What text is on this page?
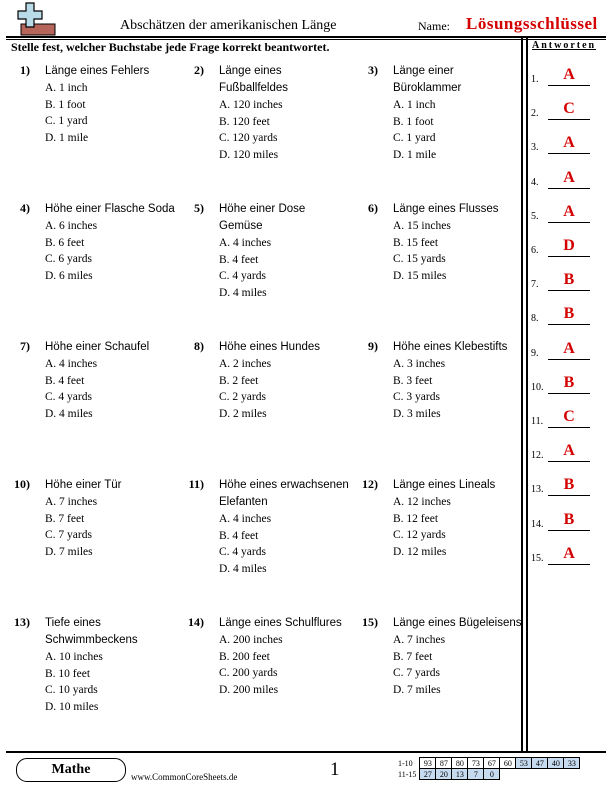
Abschätzen der amerikanischen Länge	Name: Lösungsschlüssel
Stelle fest, welcher Buchstabe jede Frage korrekt beantwortet.	Antworten
1) Länge eines Fehlers
A. 1 inch
B. 1 foot
C. 1 yard
D. 1 mile
2) Länge eines Fußballfeldes
A. 120 inches
B. 120 feet
C. 120 yards
D. 120 miles
3) Länge einer Büroklammer
A. 1 inch
B. 1 foot
C. 1 yard
D. 1 mile
4) Höhe einer Flasche Soda
A. 6 inches
B. 6 feet
C. 6 yards
D. 6 miles
5) Höhe einer Dose Gemüse
A. 4 inches
B. 4 feet
C. 4 yards
D. 4 miles
6) Länge eines Flusses
A. 15 inches
B. 15 feet
C. 15 yards
D. 15 miles
7) Höhe einer Schaufel
A. 4 inches
B. 4 feet
C. 4 yards
D. 4 miles
8) Höhe eines Hundes
A. 2 inches
B. 2 feet
C. 2 yards
D. 2 miles
9) Höhe eines Klebestifts
A. 3 inches
B. 3 feet
C. 3 yards
D. 3 miles
10) Höhe einer Tür
A. 7 inches
B. 7 feet
C. 7 yards
D. 7 miles
11) Höhe eines erwachsenen Elefanten
A. 4 inches
B. 4 feet
C. 4 yards
D. 4 miles
12) Länge eines Lineals
A. 12 inches
B. 12 feet
C. 12 yards
D. 12 miles
13) Tiefe eines Schwimmbeckens
A. 10 inches
B. 10 feet
C. 10 yards
D. 10 miles
14) Länge eines Schulflures
A. 200 inches
B. 200 feet
C. 200 yards
D. 200 miles
15) Länge eines Bügeleisens
A. 7 inches
B. 7 feet
C. 7 yards
D. 7 miles
1.	A
2.	C
3.	A
4.	A
5.	A
6.	D
7.	B
8.	B
9.	A
10.	B
11.	C
12.	A
13.	B
14.	B
15.	A
Mathe	www.CommonCoreSheets.de	1	1-10	93	87	80	73	67	60	53	47	40	33
11-15	27	20	13	7	0					
